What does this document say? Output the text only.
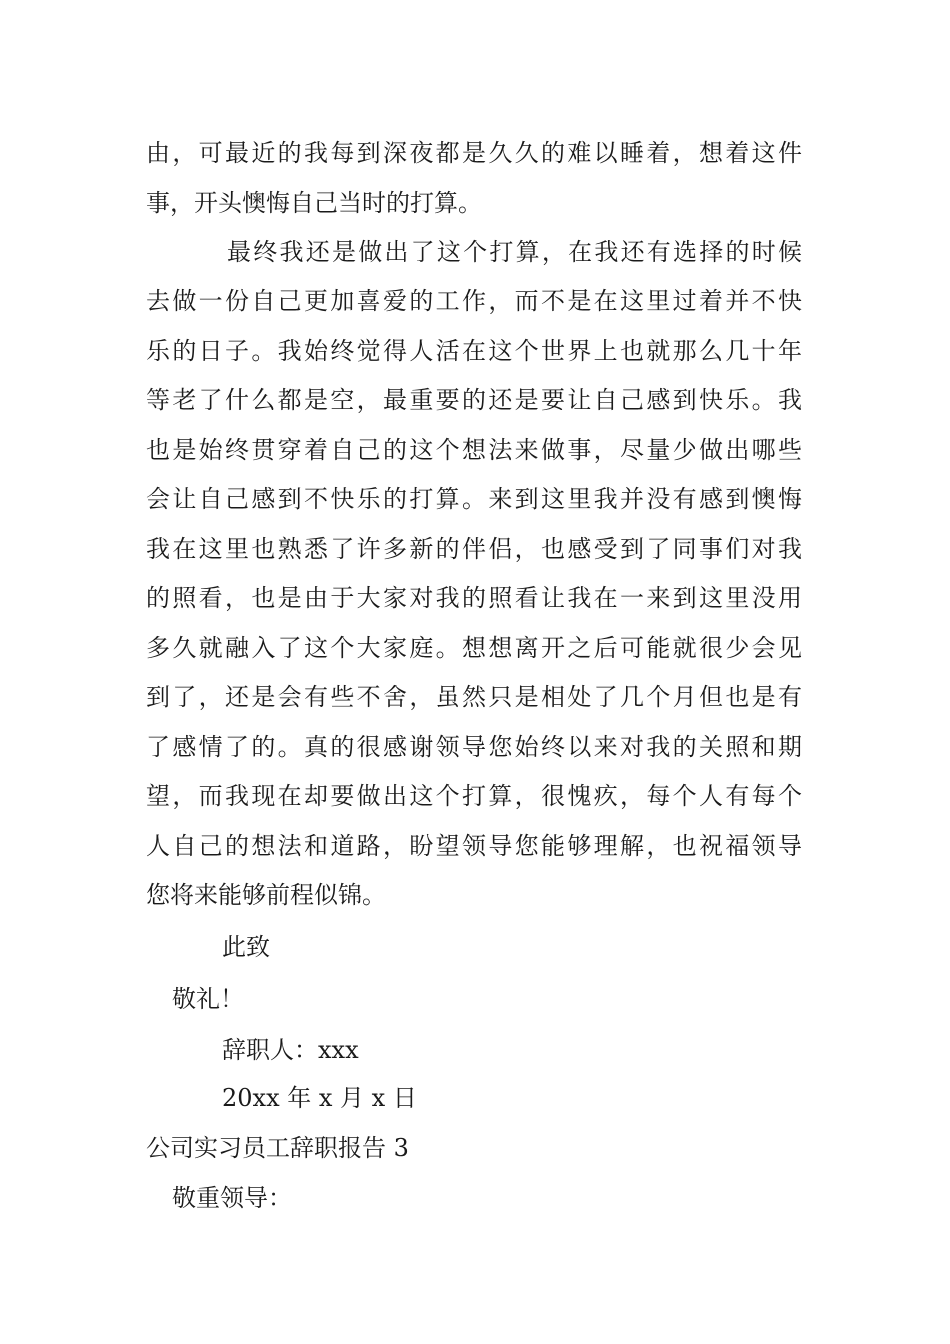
由，可最近的我每到深夜都是久久的难以睡着，想着这件
事，开头懊悔自己当时的打算。
最终我还是做出了这个打算，在我还有选择的时候
去做一份自己更加喜爱的工作，而不是在这里过着并不快
乐的日子。我始终觉得人活在这个世界上也就那么几十年
等老了什么都是空，最重要的还是要让自己感到快乐。我
也是始终贯穿着自己的这个想法来做事，尽量少做出哪些
会让自己感到不快乐的打算。来到这里我并没有感到懊悔
我在这里也熟悉了许多新的伴侣，也感受到了同事们对我
的照看，也是由于大家对我的照看让我在一来到这里没用
多久就融入了这个大家庭。想想离开之后可能就很少会见
到了，还是会有些不舍，虽然只是相处了几个月但也是有
了感情了的。真的很感谢领导您始终以来对我的关照和期
望，而我现在却要做出这个打算，很愧疚，每个人有每个
人自己的想法和道路，盼望领导您能够理解，也祝福领导
您将来能够前程似锦。
此致
敬礼！
辞职人：xxx
20xx 年 x 月 x 日
公司实习员工辞职报告 3
敬重领导：
